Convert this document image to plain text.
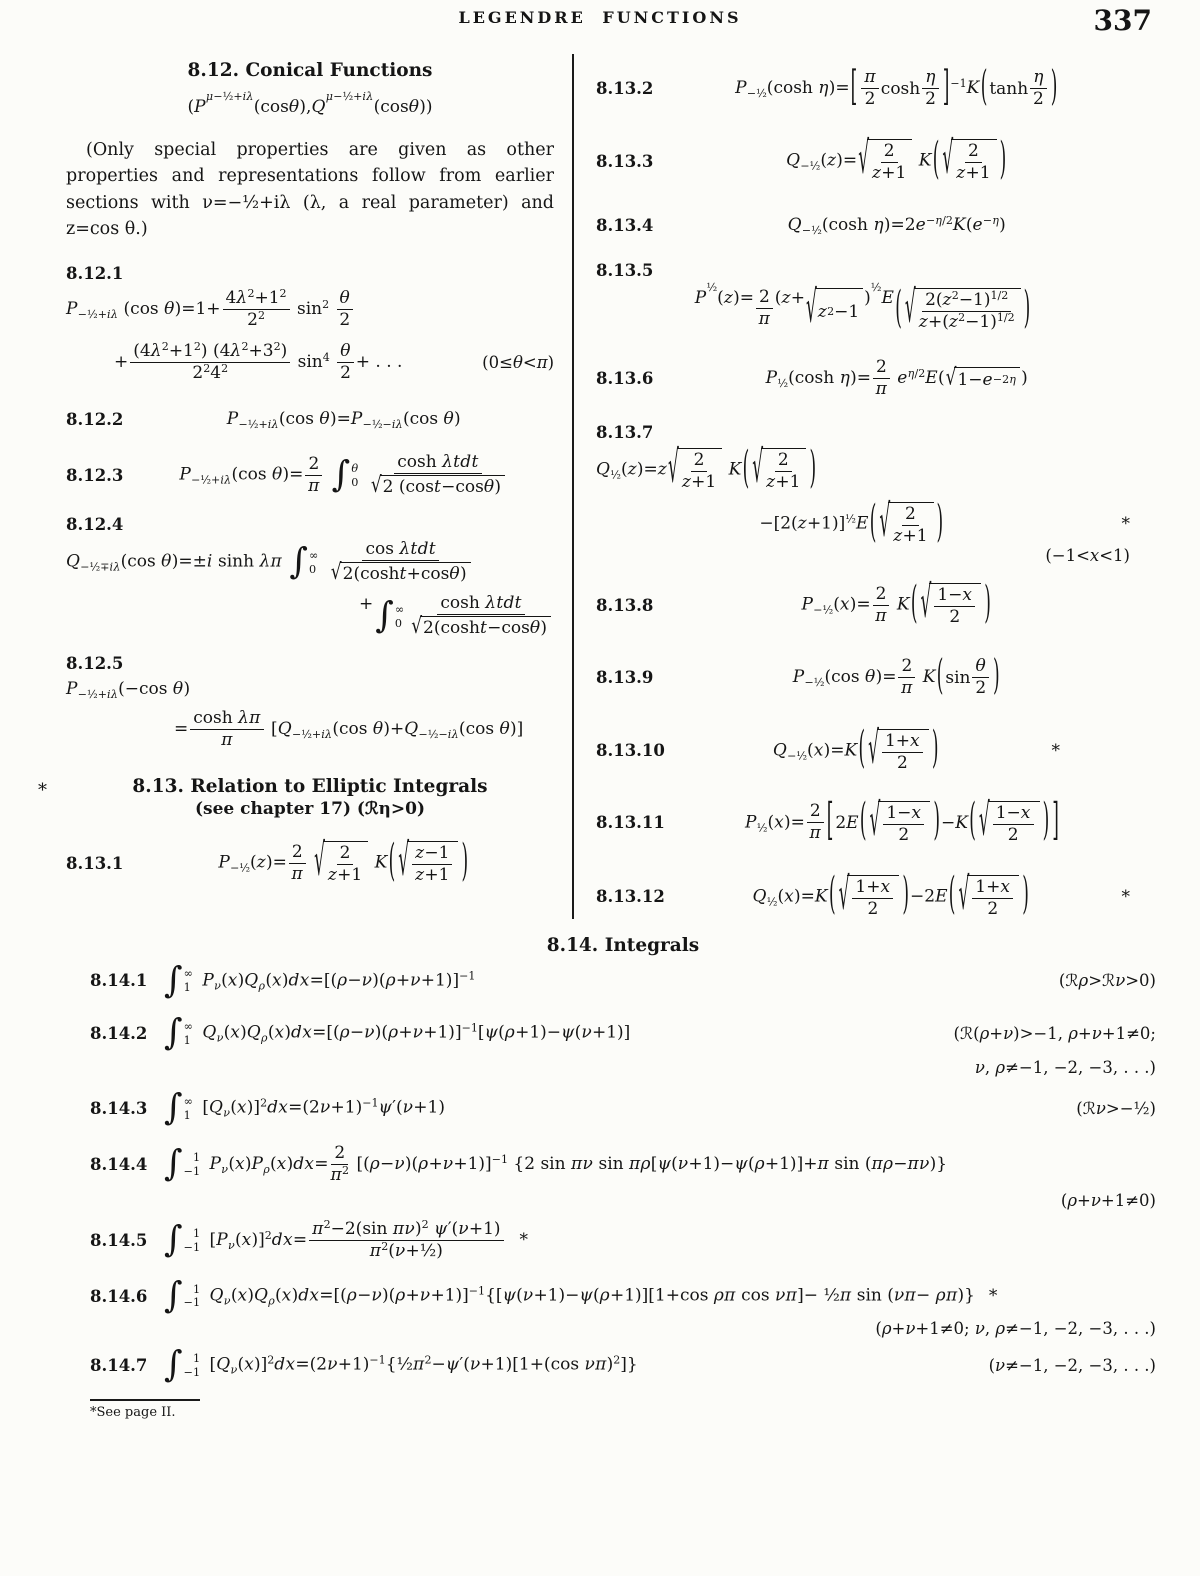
LEGENDRE FUNCTIONS	337
8.12. Conical Functions
( P
μ −½+iλ
( cos θ ), Q
μ −½+iλ
( cos θ ))

(Only special properties are given as other properties and representations follow from earlier sections with ν=−½+iλ (λ, a real parameter) and z=cos θ.)

8.12.1
$P_{-\frac{1}{2}+i\lambda}$ (cos $\theta)=1+ \frac{4\lambda^2+1^2}{2^2} \sin^2 \frac{\theta}{2}$
+ $\frac{(4\lambda^2+1^2) (4\lambda^2+3^2)}{2^24^2} \sin^4 \frac{\theta}{2}$ + . . .	(0≤θ<π)
8.12.2	$P_{-\frac{1}{2}+i\lambda}(\cos$ $\theta)=P_{-\frac{1}{2}-i\lambda}(\cos$ θ)
8.12.3	$P_{-\frac{1}{2}+i\lambda}(\cos$ $\theta)= \frac{2}{\pi}$
∫ θ
0
$\frac{\text{cosh λtdt}}{\text{√ 2 ( cos t − cos θ )}}$
8.12.4
$Q_{-\frac{1}{2}\mp i\lambda}(\cos$ θ)=±i sinh λπ ∫ ∞
0
$\frac{\text{cos λtdt}}{\text{√ 2( cosh t + cos θ )}}$
+ ∫ ∞
$0 \frac{\text{cosh λtdt}}{\text{√ 2( cosh t − cos θ )}}$
8.12.5
$P_{-\frac{1}{2}+i\lambda}(-\cos$ θ)
= $\frac{\text{cosh λπ}}{\pi} [Q_{-\frac{1}{2}+i\lambda}(\cos$ $\theta)+Q_{-\frac{1}{2}-i\lambda}(\cos$ θ)]
*	8.13. Relation to Elliptic Integrals
(see chapter 17) (ℛη>0)
8.13.1	$P_{-\frac{1}{2}}(z)= \frac{2}{\pi}$
√ $\frac{2}{z+1}$ K ( √ $\frac{z-1}{z+1}$ )
8.13.2	$P_{-\frac{1}{2}}(\cosh$ η)= [ $\frac{\pi}{2}$ $\cosh \frac{\eta}{2}$ ] $^{-1}$K ( $\tanh \frac{\eta}{2}$ )
8.13.3	$Q_{-\frac{1}{2}}(z)=$ √ $\frac{2}{z+1}$ K ( √ $\frac{2}{z+1}$ )
8.13.4	$Q_{-\frac{1}{2}}(\cosh$ $\eta)=2e^{-\eta/2}K(e^{-\eta})$
8.13.5
P
½
( z )= $\frac{2}{\pi}$ ( z + √ z 2 −1
)
½
E ( √ $\frac{2(z^2-1)^{1/2}}{z+(z^2-1)^{1/2}}$ )
8.13.6	$P_{\frac{1}{2}}(\cosh$ $\eta)= \frac{2}{\pi} e^{\eta/2}E$( √ 1− e −2η )
8.13.7
$Q_{\frac{1}{2}}(z)=z$ √ $\frac{2}{z+1}$ K ( √ $\frac{2}{z+1}$ )
$-[2(z+1)]^{\frac{1}{2}}E$ ( √ $\frac{2}{z+1}$ )	*
(−1<x<1)
8.13.8	$P_{-\frac{1}{2}}(x)= \frac{2}{\pi}$ K ( √ $\frac{1-x}{2}$ )
8.13.9	$P_{-\frac{1}{2}}(\cos$ $\theta)= \frac{2}{\pi}$ K ( $\sin \frac{\theta}{2}$ )
8.13.10	$Q_{-\frac{1}{2}}(x)=K$ ( √ $\frac{1+x}{2}$ )	*
8.13.11	$P_{\frac{1}{2}}(x)= \frac{2}{\pi}$ [ 2 E ( √ $\frac{1-x}{2}$ ) − K ( √ $\frac{1-x}{2}$ ) ]
8.13.12	$Q_{\frac{1}{2}}(x)=K$ ( √ $\frac{1+x}{2}$ ) −2E ( √ $\frac{1+x}{2}$ )	*
8.14. Integrals
8.14.1 ∫ ∞
1 $P_\nu(x)Q_\rho(x)dx=[(\rho-\nu)(\rho+\nu+1)]^{-1}$	(ℛρ>ℛν>0)
8.14.2 ∫ ∞
1 $Q_\nu(x)Q_\rho(x)dx=[(\rho-\nu)(\rho+\nu+1)]^{-1}[\psi(\rho+1)-\psi(\nu+1)]$	(ℛ(ρ+ν)>−1, ρ+ν+1≠0;
ν, ρ≠−1, −2, −3, . . .)
8.14.3 ∫ ∞
1 $[Q_\nu(x)]^2dx=(2\nu+1)^{-1}\psi'(\nu+1)$	(ℛν>−½)
8.14.4 ∫ 1
−1 $P_\nu(x)P_\rho(x)dx= \frac{2}{\pi^2} [(\rho-\nu)(\rho+\nu+1)]^{-1}$ {2 sin πν sin πρ[ψ(ν+1)−ψ(ρ+1)]+π sin (πρ−πν)}
(ρ+ν+1≠0)
8.14.5 ∫ 1
−1 $[P_\nu(x)]^2dx= \frac{\pi^2-2(\sin \pi\nu)^2 \psi'(\nu+1)}{\pi^2(\nu+\frac{1}{2})}$ *
8.14.6 ∫ 1
−1 $Q_\nu(x)Q_\rho(x)dx=[(\rho-\nu)(\rho+\nu+1)]^{-1}\{[\psi(\nu+1)-\psi(\rho+1)][1+\cos$ ρπ cos νπ]− ½π sin (νπ− ρπ)} *
(ρ+ν+1≠0; ν, ρ≠−1, −2, −3, . . .)
8.14.7 ∫ 1
−1 $[Q_\nu(x)]^2dx=(2\nu+1)^{-1}\{\frac{1}{2}\pi^2-\psi'(\nu+1)[1+(\cos$ νπ)$^2$]}	(ν≠−1, −2, −3, . . .)
*See page II.
